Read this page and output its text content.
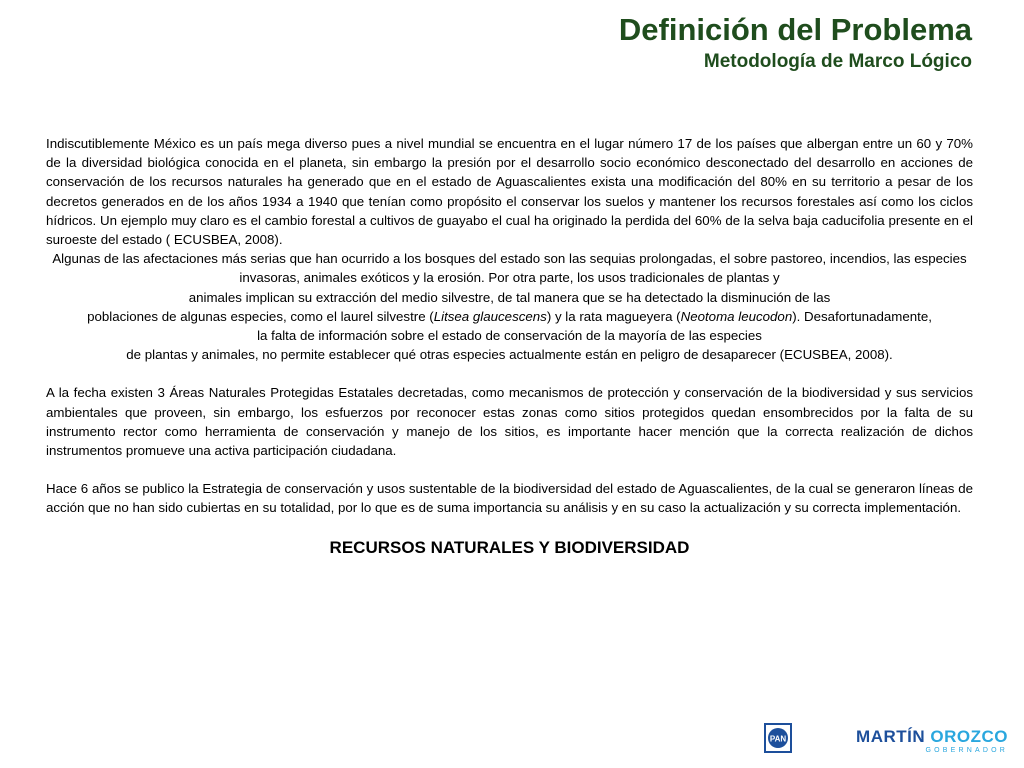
Definición del Problema
Metodología de Marco Lógico

Indiscutiblemente México es un país mega diverso pues a nivel mundial se encuentra en el lugar número 17 de los países que albergan entre un 60 y 70% de la diversidad biológica conocida en el planeta, sin embargo la presión por el desarrollo socio económico desconectado del desarrollo en acciones de conservación de los recursos naturales ha generado que en el estado de Aguascalientes exista una modificación del 80% en su territorio a pesar de los decretos generados en de los años 1934 a 1940 que tenían como propósito el conservar los suelos y mantener los recursos forestales así como los ciclos hídricos. Un ejemplo muy claro es el cambio forestal a cultivos de guayabo el cual ha originado la perdida del 60% de la selva baja caducifolia presente en el suroeste del estado ( ECUSBEA, 2008).

Algunas de las afectaciones más serias que han ocurrido a los bosques del estado son las sequias prolongadas, el sobre pastoreo, incendios, las especies invasoras, animales exóticos y la erosión. Por otra parte, los usos tradicionales de plantas y

animales implican su extracción del medio silvestre, de tal manera que se ha detectado la disminución de las

poblaciones de algunas especies, como el laurel silvestre (Litsea glaucescens) y la rata magueyera (Neotoma leucodon). Desafortunadamente,

la falta de información sobre el estado de conservación de la mayoría de las especies

de plantas y animales, no permite establecer qué otras especies actualmente están en peligro de desaparecer (ECUSBEA, 2008).

A la fecha existen 3 Áreas Naturales Protegidas Estatales decretadas, como mecanismos de protección y conservación de la biodiversidad y sus servicios ambientales que proveen, sin embargo, los esfuerzos por reconocer estas zonas como sitios protegidos quedan ensombrecidos por la falta de su instrumento rector como herramienta de conservación y manejo de los sitios, es importante hacer mención que la correcta realización de dichos instrumentos promueve una activa participación ciudadana.

Hace 6 años se publico la Estrategia de conservación y usos sustentable de la biodiversidad del estado de Aguascalientes, de la cual se generaron líneas de acción que no han sido cubiertas en su totalidad, por lo que es de suma importancia su análisis y en su caso la actualización y su correcta implementación.

RECURSOS NATURALES Y BIODIVERSIDAD
PAN	MARTÍN OROZCO
GOBERNADOR
